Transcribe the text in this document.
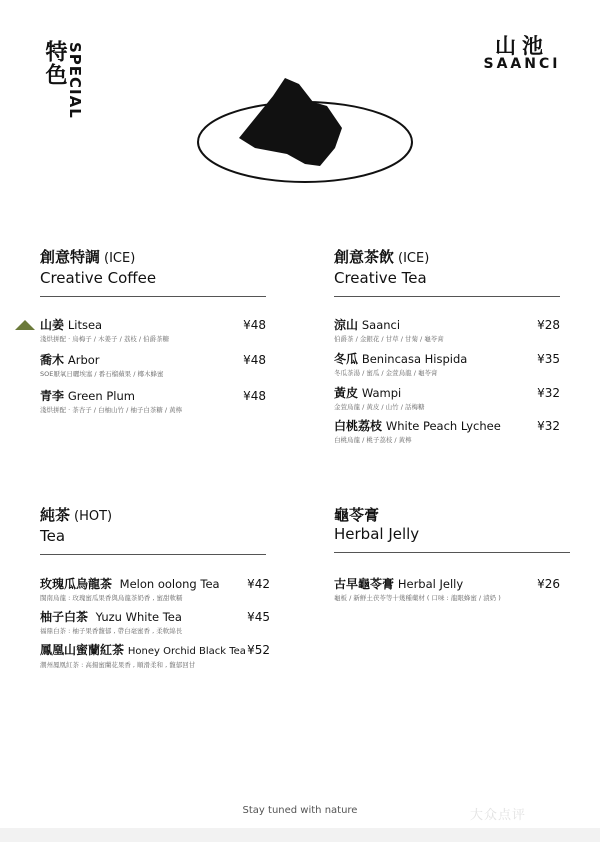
特色 SPECIAL	山池
SAANCI
創意特調 (ICE)
Creative Coffee
山姜 Litsea
淺烘拼配 · 烏梅子 / 木姜子 / 荔枝 / 伯爵茶糖
¥48
喬木 Arbor
SOE厭氧日曬埃塞 / 番石榴蘋果 / 椰木蜂蜜
¥48
青李 Green Plum
淺烘拼配 · 茶杏子 / 白柚山竹 / 柚子白茶糖 / 黃檸
¥48
創意茶飲 (ICE)
Creative Tea
涼山 Saanci
伯爵茶 / 金銀花 / 甘草 / 甘菊 / 龜苓膏
¥28
冬瓜 Benincasa Hispida
冬瓜茶湯 / 蜜瓜 / 金萱烏龍 / 龜苓膏
¥35
黃皮 Wampi
金萱烏龍 / 黃皮 / 山竹 / 話梅糖
¥32
白桃荔枝 White Peach Lychee
白桃烏龍 / 桃子荔枝 / 黃檸
¥32
純茶 (HOT)
Tea
玫瑰瓜烏龍茶 Melon oolong Tea
閩南烏龍 : 玫瑰蜜瓜果香與烏龍茶奶香 , 蜜甜軟糯
¥42
柚子白茶 Yuzu White Tea
福鼎白茶 : 柚子果香馥郁 , 帶白毫蜜香 , 柔軟綿長
¥45
鳳凰山蜜蘭紅茶 Honey Orchid Black Tea
潮州鳳凰紅茶 : 高揚蜜蘭花果香 , 順滑柔和 , 馥郁回甘
¥52
龜苓膏
Herbal Jelly
古早龜苓膏 Herbal Jelly
龜板 / 新鮮土茯苓等十幾種藥材 ( 口味 : 龍眼蜂蜜 / 漬奶 )
¥26
Stay tuned with nature	大众点评
